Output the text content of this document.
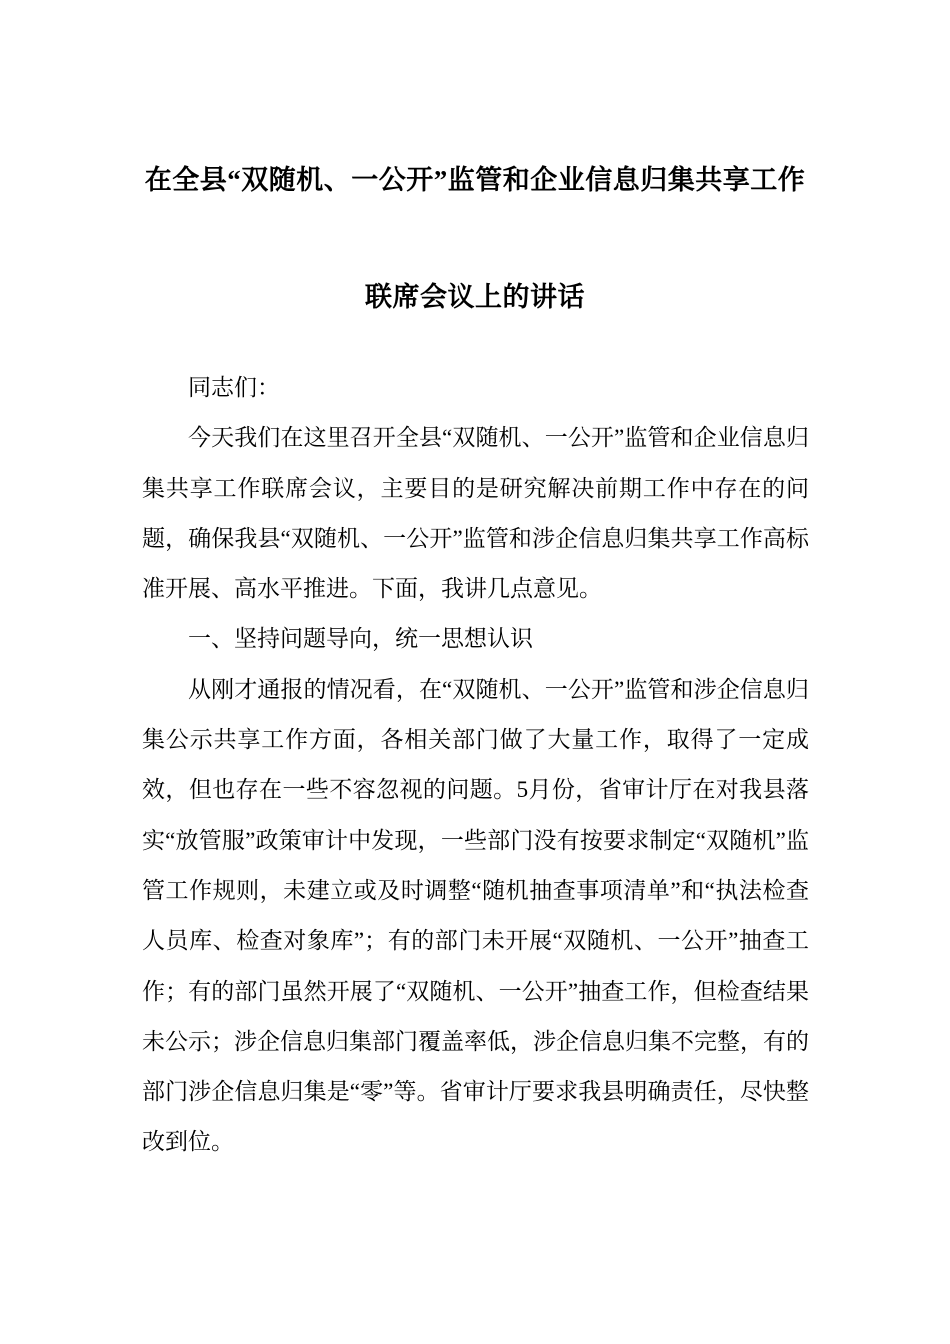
在全县“双随机、一公开”监管和企业信息归集共享工作
联席会议上的讲话

同志们：

今天我们在这里召开全县“双随机、一公开”监管和企业信息归集共享工作联席会议，主要目的是研究解决前期工作中存在的问题，确保我县“双随机、一公开”监管和涉企信息归集共享工作高标准开展、高水平推进。下面，我讲几点意见。

一、坚持问题导向，统一思想认识

从刚才通报的情况看，在“双随机、一公开”监管和涉企信息归集公示共享工作方面，各相关部门做了大量工作，取得了一定成效，但也存在一些不容忽视的问题。5月份，省审计厅在对我县落实“放管服”政策审计中发现，一些部门没有按要求制定“双随机”监管工作规则，未建立或及时调整“随机抽查事项清单”和“执法检查人员库、检查对象库”；有的部门未开展“双随机、一公开”抽查工作；有的部门虽然开展了“双随机、一公开”抽查工作，但检查结果未公示；涉企信息归集部门覆盖率低，涉企信息归集不完整，有的部门涉企信息归集是“零”等。省审计厅要求我县明确责任，尽快整改到位。
